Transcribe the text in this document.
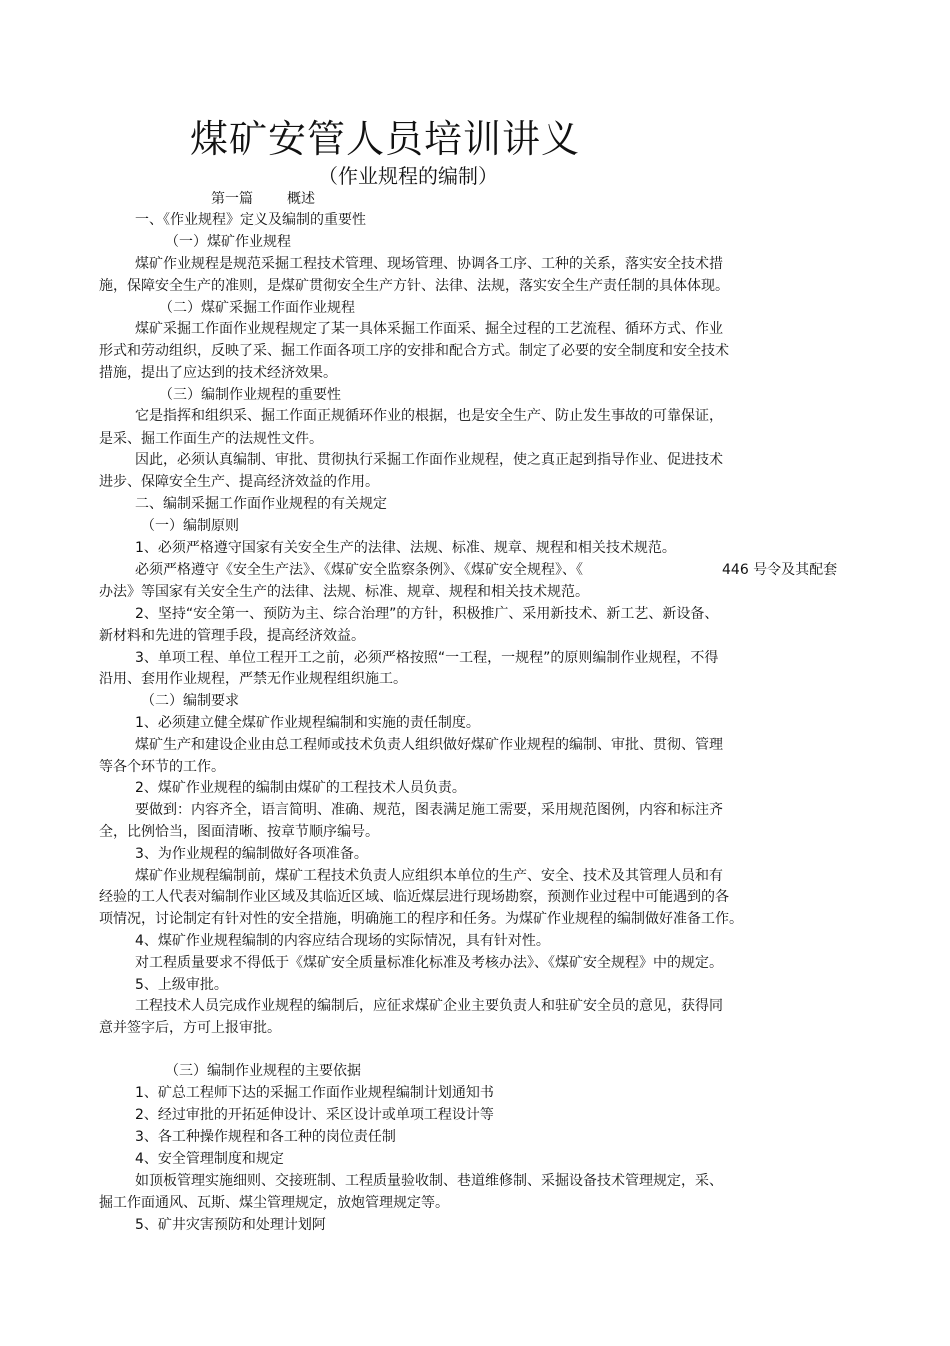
煤矿安管人员培训讲义
（作业规程的编制）
第一篇 概述
一、《作业规程》定义及编制的重要性
（一）煤矿作业规程
煤矿作业规程是规范采掘工程技术管理、现场管理、协调各工序、工种的关系，落实安全技术措
施，保障安全生产的准则，是煤矿贯彻安全生产方针、法律、法规，落实安全生产责任制的具体体现。
（二）煤矿采掘工作面作业规程
煤矿采掘工作面作业规程规定了某一具体采掘工作面采、掘全过程的工艺流程、循环方式、作业
形式和劳动组织，反映了采、掘工作面各项工序的安排和配合方式。制定了必要的安全制度和安全技术
措施，提出了应达到的技术经济效果。
（三）编制作业规程的重要性
它是指挥和组织采、掘工作面正规循环作业的根据，也是安全生产、防止发生事故的可靠保证，
是采、掘工作面生产的法规性文件。
因此，必须认真编制、审批、贯彻执行采掘工作面作业规程，使之真正起到指导作业、促进技术
进步、保障安全生产、提高经济效益的作用。
二、编制采掘工作面作业规程的有关规定
（一）编制原则
1、必须严格遵守国家有关安全生产的法律、法规、标准、规章、规程和相关技术规范。
必须严格遵守《安全生产法》、《煤矿安全监察条例》、《煤矿安全规程》、《	446 号令及其配套
办法》等国家有关安全生产的法律、法规、标准、规章、规程和相关技术规范。
2、坚持“安全第一、预防为主、综合治理”的方针，积极推广、采用新技术、新工艺、新设备、
新材料和先进的管理手段，提高经济效益。
3、单项工程、单位工程开工之前，必须严格按照“一工程，一规程”的原则编制作业规程，不得
沿用、套用作业规程，严禁无作业规程组织施工。
（二）编制要求
1、必须建立健全煤矿作业规程编制和实施的责任制度。
煤矿生产和建设企业由总工程师或技术负责人组织做好煤矿作业规程的编制、审批、贯彻、管理
等各个环节的工作。
2、煤矿作业规程的编制由煤矿的工程技术人员负责。
要做到：内容齐全，语言简明、准确、规范，图表满足施工需要，采用规范图例，内容和标注齐
全，比例恰当，图面清晰、按章节顺序编号。
3、为作业规程的编制做好各项准备。
煤矿作业规程编制前，煤矿工程技术负责人应组织本单位的生产、安全、技术及其管理人员和有
经验的工人代表对编制作业区域及其临近区域、临近煤层进行现场勘察，预测作业过程中可能遇到的各
项情况，讨论制定有针对性的安全措施，明确施工的程序和任务。为煤矿作业规程的编制做好准备工作。
4、煤矿作业规程编制的内容应结合现场的实际情况，具有针对性。
对工程质量要求不得低于《煤矿安全质量标准化标准及考核办法》、《煤矿安全规程》中的规定。
5、上级审批。
工程技术人员完成作业规程的编制后，应征求煤矿企业主要负责人和驻矿安全员的意见，获得同
意并签字后，方可上报审批。
（三）编制作业规程的主要依据
1、矿总工程师下达的采掘工作面作业规程编制计划通知书
2、经过审批的开拓延伸设计、采区设计或单项工程设计等
3、各工种操作规程和各工种的岗位责任制
4、安全管理制度和规定
如顶板管理实施细则、交接班制、工程质量验收制、巷道维修制、采掘设备技术管理规定，采、
掘工作面通风、瓦斯、煤尘管理规定，放炮管理规定等。
5、矿井灾害预防和处理计划阿
